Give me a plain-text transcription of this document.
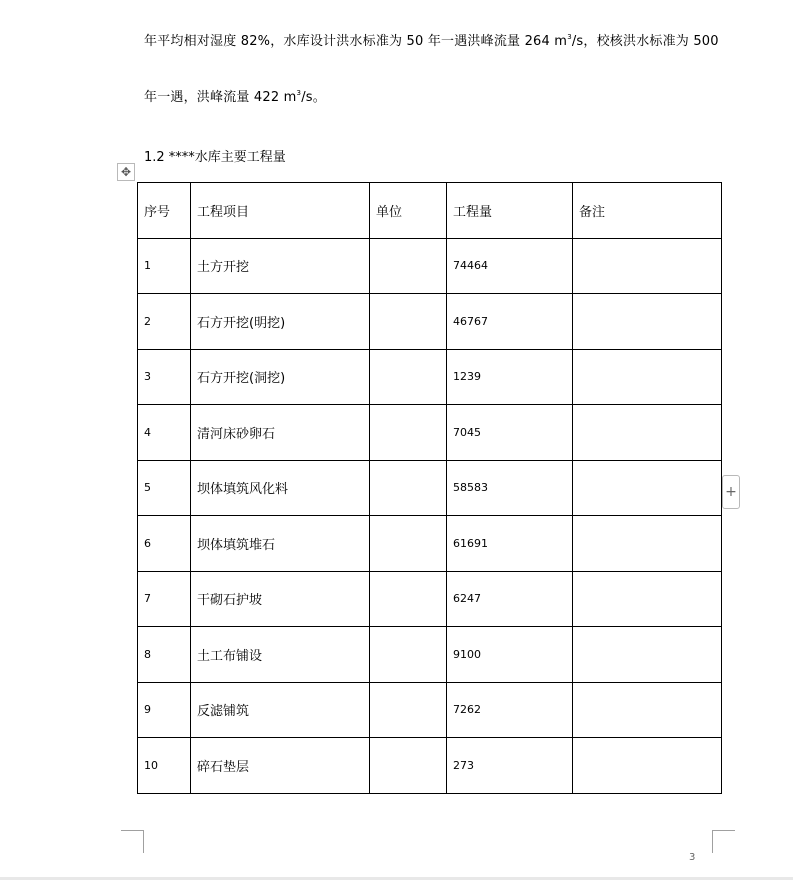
年平均相对湿度 82%，水库设计洪水标准为 50 年一遇洪峰流量 264 $m^3/s$，校核洪水标准为 500
年一遇，洪峰流量 422 $m^3/s$。
1.2 ****水库主要工程量
✥
序号	工程项目	单位	工程量	备注
1	土方开挖		74464	
2	石方开挖(明挖)		46767	
3	石方开挖(洞挖)		1239	
4	清河床砂卵石		7045	
5	坝体填筑风化料		58583	
6	坝体填筑堆石		61691	
7	干砌石护坡		6247	
8	土工布铺设		9100	
9	反滤铺筑		7262	
10	碎石垫层		273	
+
3
